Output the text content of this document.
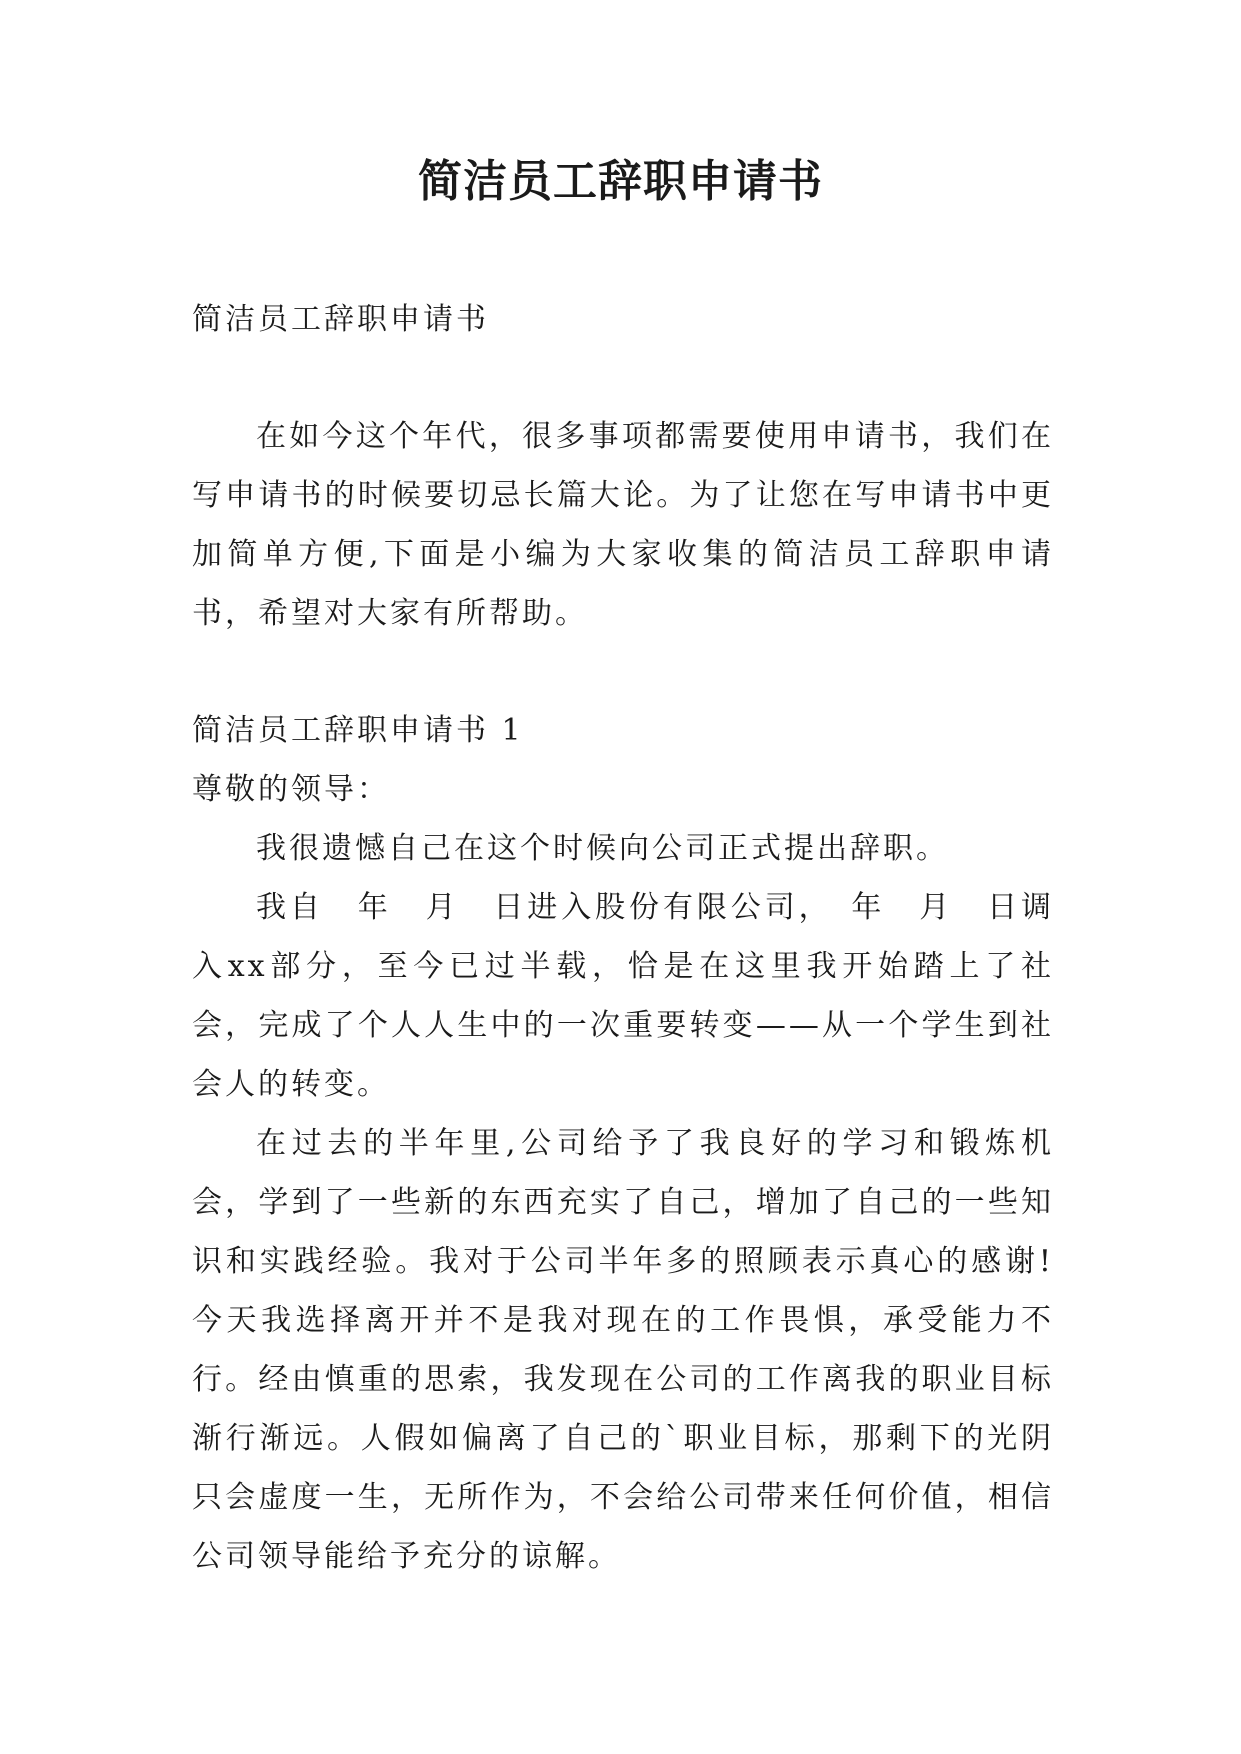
简洁员工辞职申请书

简洁员工辞职申请书

在如今这个年代，很多事项都需要使用申请书，我们在写申请书的时候要切忌长篇大论。为了让您在写申请书中更加简单方便,下面是小编为大家收集的简洁员工辞职申请书，希望对大家有所帮助。

简洁员工辞职申请书 1

尊敬的领导：

我很遗憾自己在这个时候向公司正式提出辞职。

我自　年　月　日进入股份有限公司，　年　月　日调入xx部分，至今已过半载，恰是在这里我开始踏上了社会，完成了个人人生中的一次重要转变——从一个学生到社会人的转变。

在过去的半年里,公司给予了我良好的学习和锻炼机会，学到了一些新的东西充实了自己，增加了自己的一些知识和实践经验。我对于公司半年多的照顾表示真心的感谢!今天我选择离开并不是我对现在的工作畏惧，承受能力不行。经由慎重的思索，我发现在公司的工作离我的职业目标渐行渐远。人假如偏离了自己的`职业目标，那剩下的光阴只会虚度一生，无所作为，不会给公司带来任何价值，相信公司领导能给予充分的谅解。
